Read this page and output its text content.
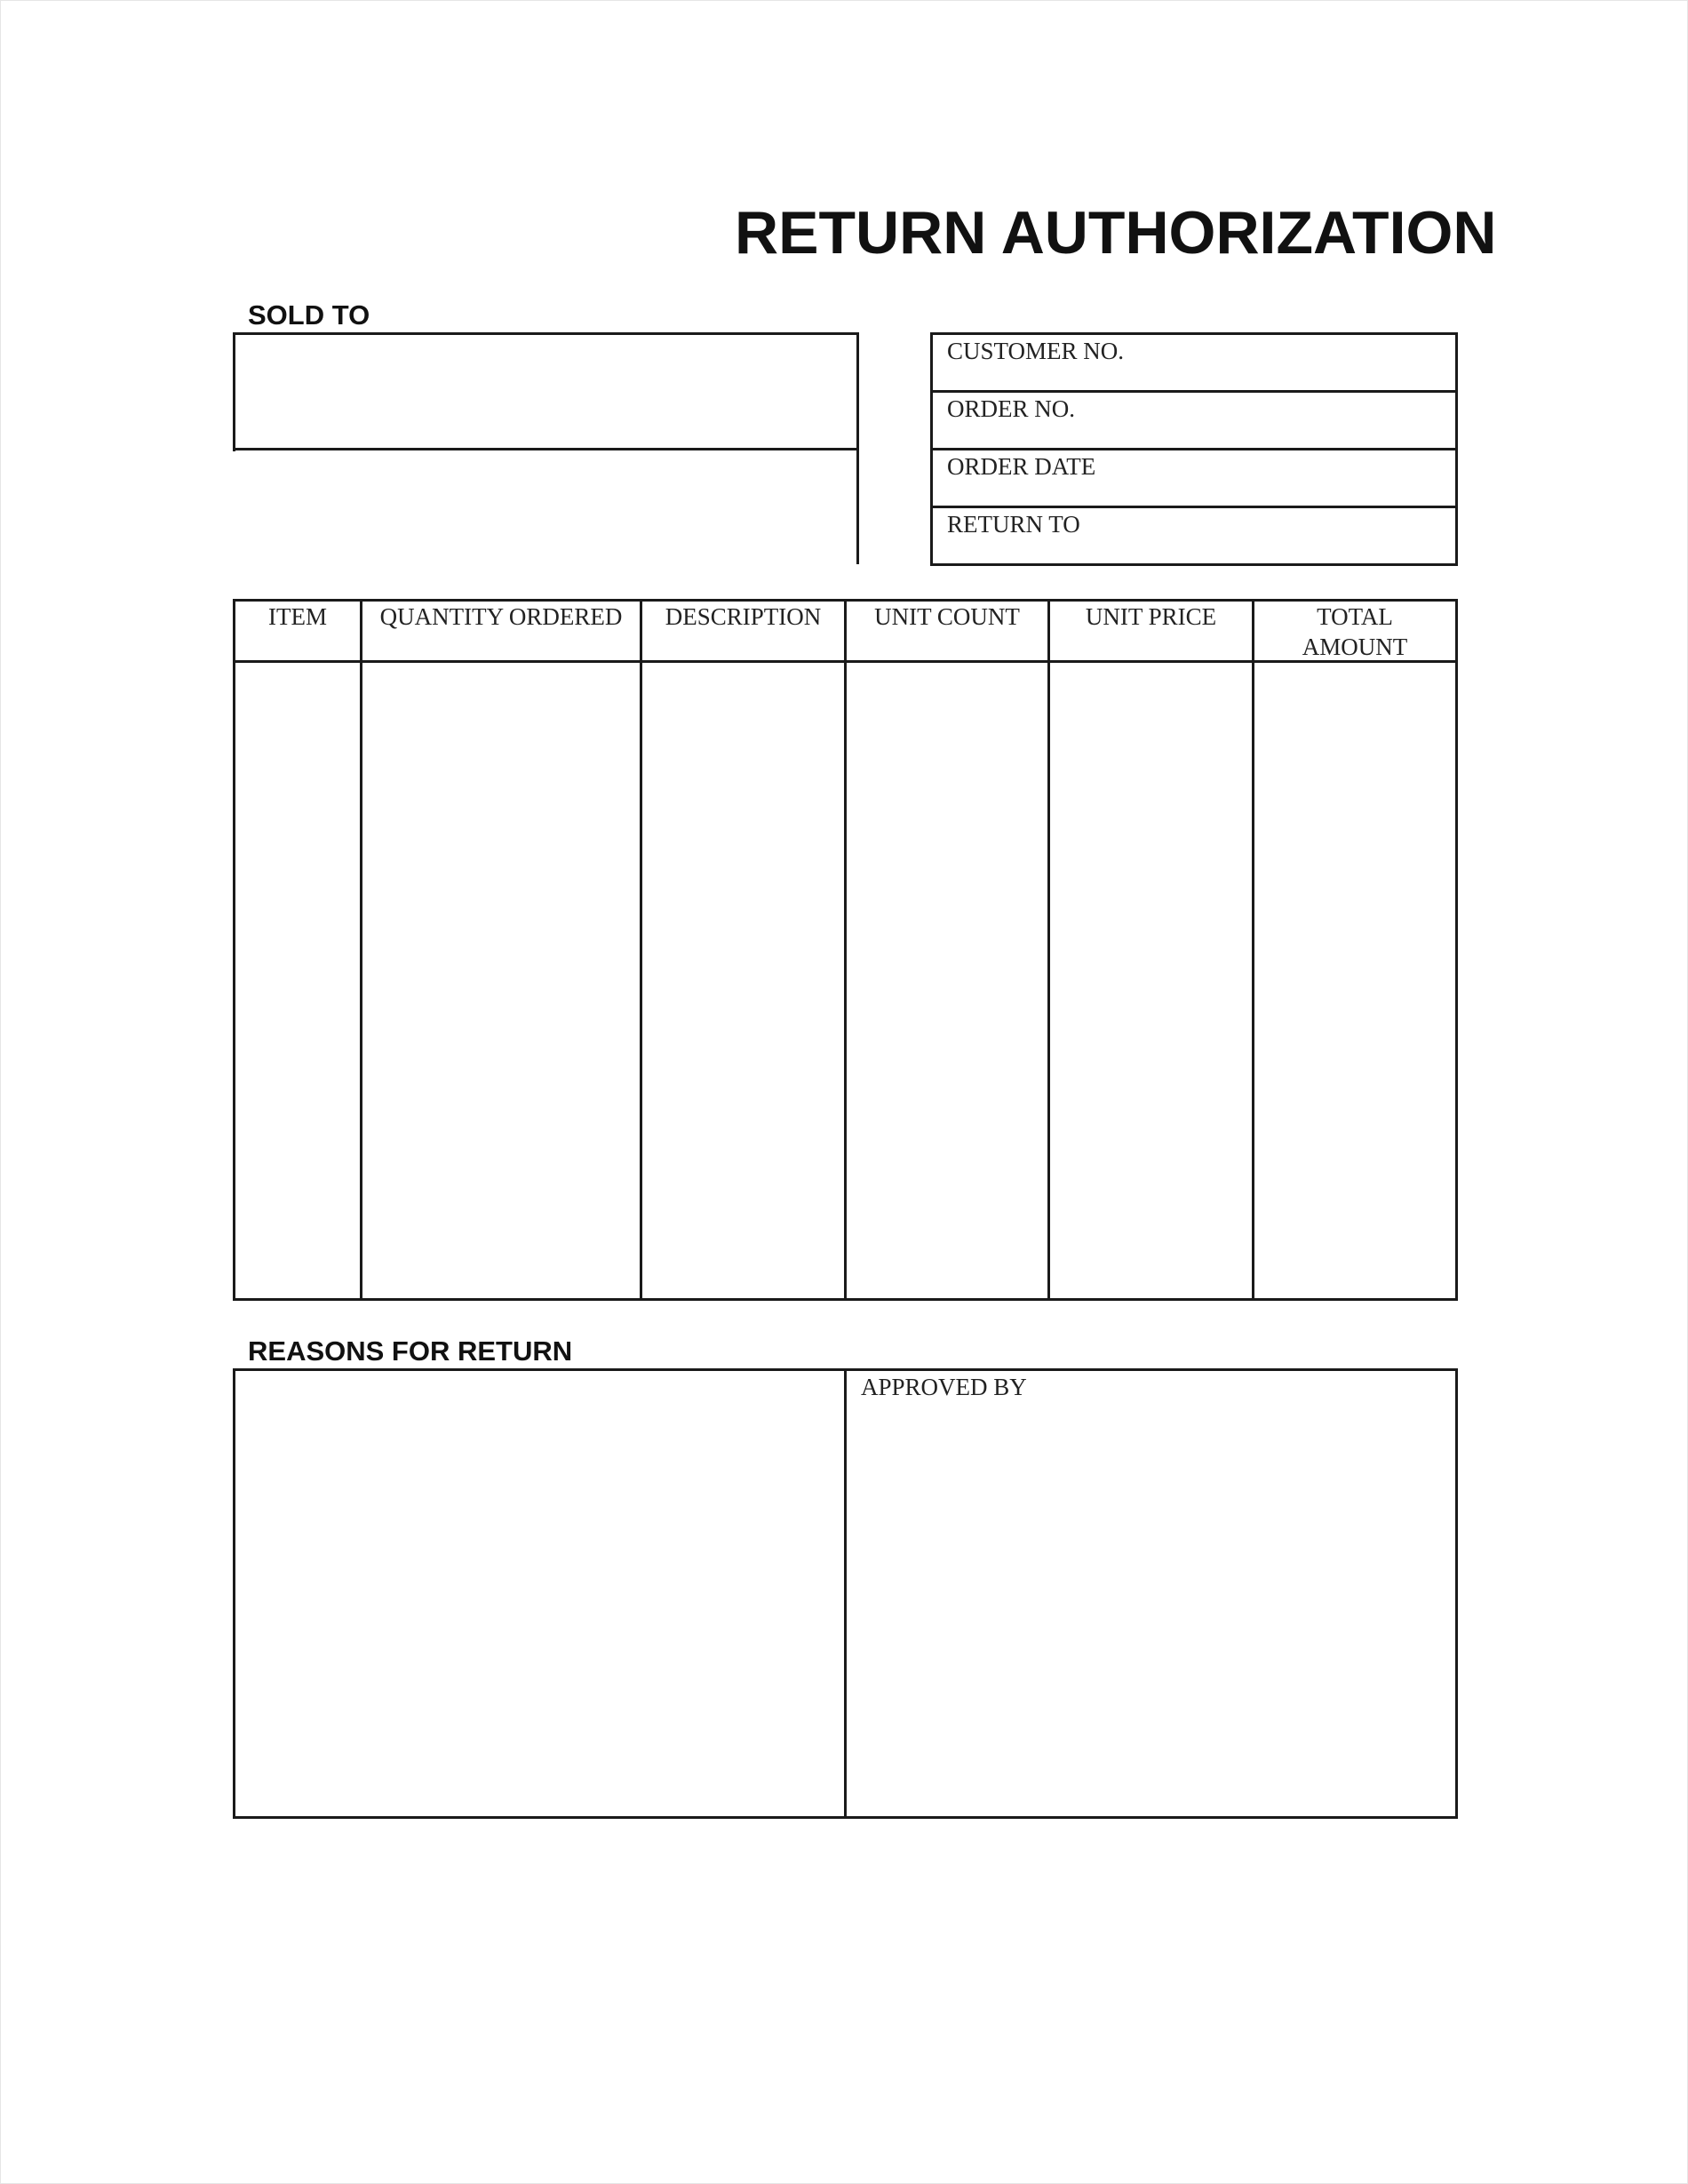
RETURN AUTHORIZATION
SOLD TO
CUSTOMER NO.
ORDER NO.
ORDER DATE
RETURN TO
ITEM	QUANTITY ORDERED	DESCRIPTION	UNIT COUNT	UNIT PRICE	TOTAL
AMOUNT
REASONS FOR RETURN
APPROVED BY
